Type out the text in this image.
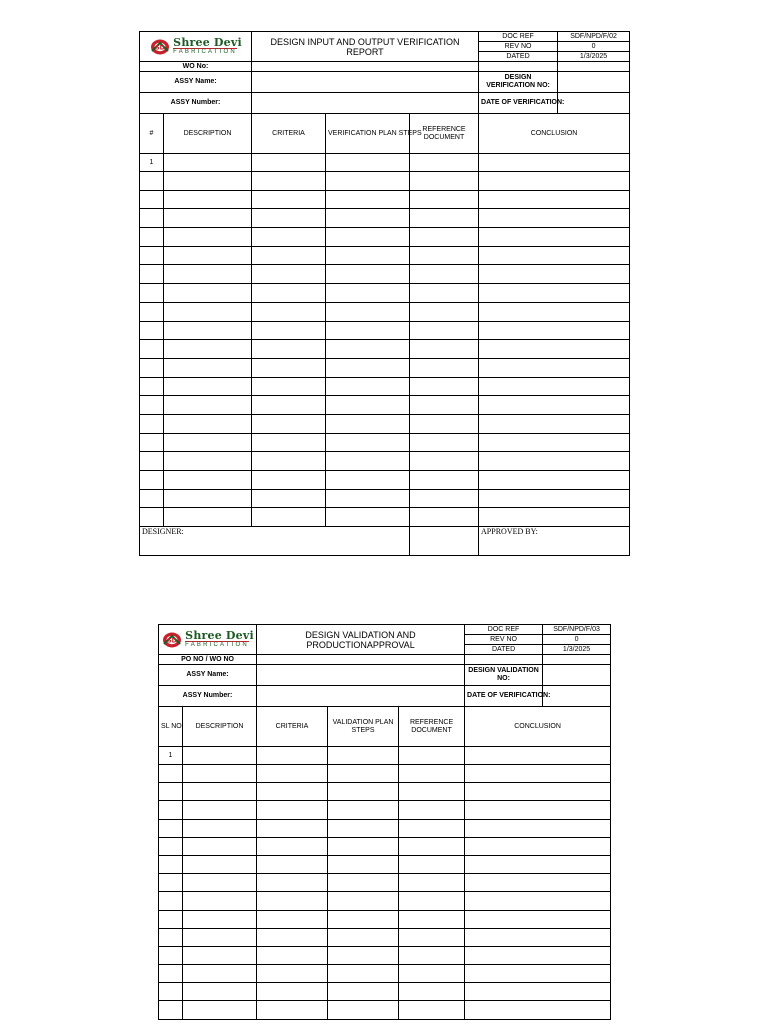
SD Shree Devi
FABRICATION		DESIGN INPUT AND OUTPUT VERIFICATION REPORT			DOC REF	SDF/NPD/F/02
					REV NO	0
					DATED	1/3/2025
WO No:						
ASSY Name:					DESIGN VERIFICATION NO:	
ASSY Number:					DATE OF VERIFICATION:	
#	DESCRIPTION	CRITERIA	VERIFICATION PLAN STEPS	REFERENCE DOCUMENT	CONCLUSION	
1						

DESIGNER:					APPROVED BY:	
SD Shree Devi
FABRICATION		DESIGN VALIDATION AND PRODUCTIONAPPROVAL			DOC REF	SDF/NPD/F/03
					REV NO	0
					DATED	1/3/2025
PO NO / WO NO						
ASSY Name:					DESIGN VALIDATION NO:	
ASSY Number:					DATE OF VERIFICATION:	
SL NO	DESCRIPTION	CRITERIA	VALIDATION PLAN STEPS	REFERENCE DOCUMENT	CONCLUSION	
1						
